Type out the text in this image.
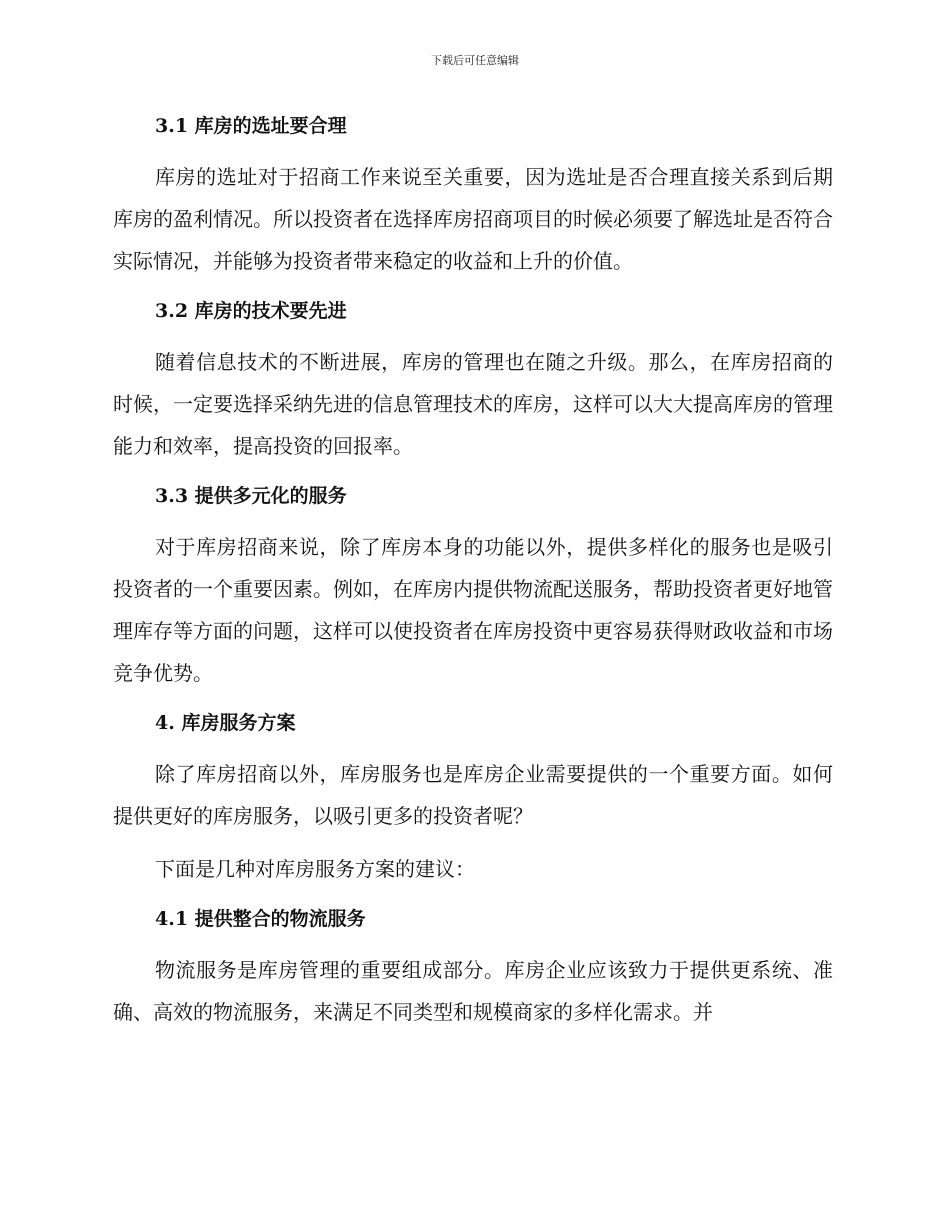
下载后可任意编辑
3.1 库房的选址要合理

库房的选址对于招商工作来说至关重要，因为选址是否合理直接关系到后期库房的盈利情况。所以投资者在选择库房招商项目的时候必须要了解选址是否符合实际情况，并能够为投资者带来稳定的收益和上升的价值。

3.2 库房的技术要先进

随着信息技术的不断进展，库房的管理也在随之升级。那么，在库房招商的时候，一定要选择采纳先进的信息管理技术的库房，这样可以大大提高库房的管理能力和效率，提高投资的回报率。

3.3 提供多元化的服务

对于库房招商来说，除了库房本身的功能以外，提供多样化的服务也是吸引投资者的一个重要因素。例如，在库房内提供物流配送服务，帮助投资者更好地管理库存等方面的问题，这样可以使投资者在库房投资中更容易获得财政收益和市场竞争优势。

4. 库房服务方案

除了库房招商以外，库房服务也是库房企业需要提供的一个重要方面。如何提供更好的库房服务，以吸引更多的投资者呢？

下面是几种对库房服务方案的建议：

4.1 提供整合的物流服务

物流服务是库房管理的重要组成部分。库房企业应该致力于提供更系统、准确、高效的物流服务，来满足不同类型和规模商家的多样化需求。并
